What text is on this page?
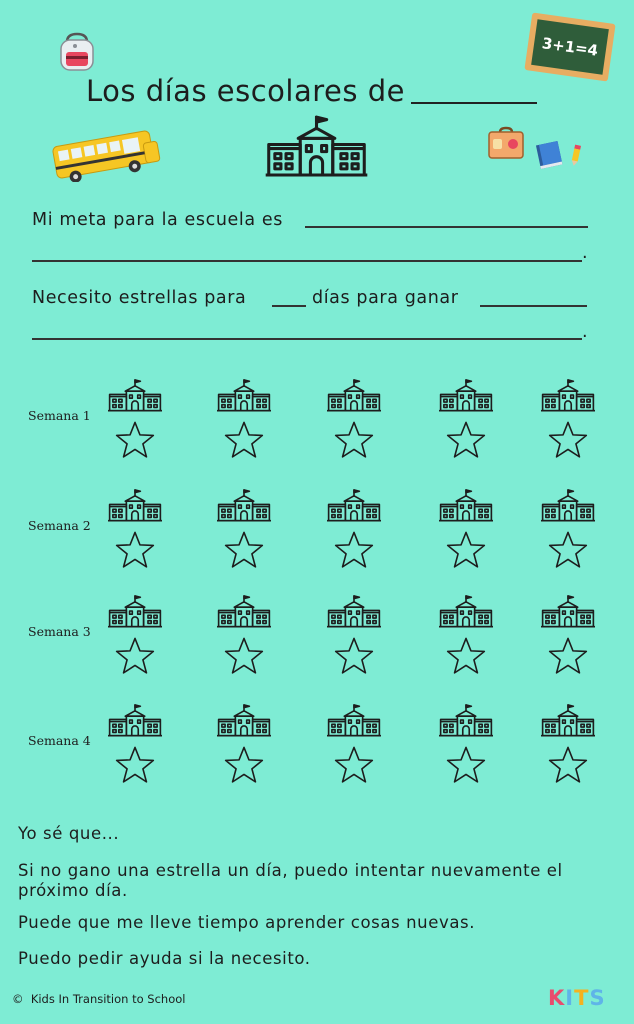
Los días escolares de
3+1=4
Mi meta para la escuela es
.
Necesito estrellas para	días para ganar
.
Semana 1
Semana 2
Semana 3
Semana 4
Yo sé que...
Si no gano una estrella un día, puedo intentar nuevamente el próximo día.
Puede que me lleve tiempo aprender cosas nuevas.
Puedo pedir ayuda si la necesito.
© Kids In Transition to School	KITS
